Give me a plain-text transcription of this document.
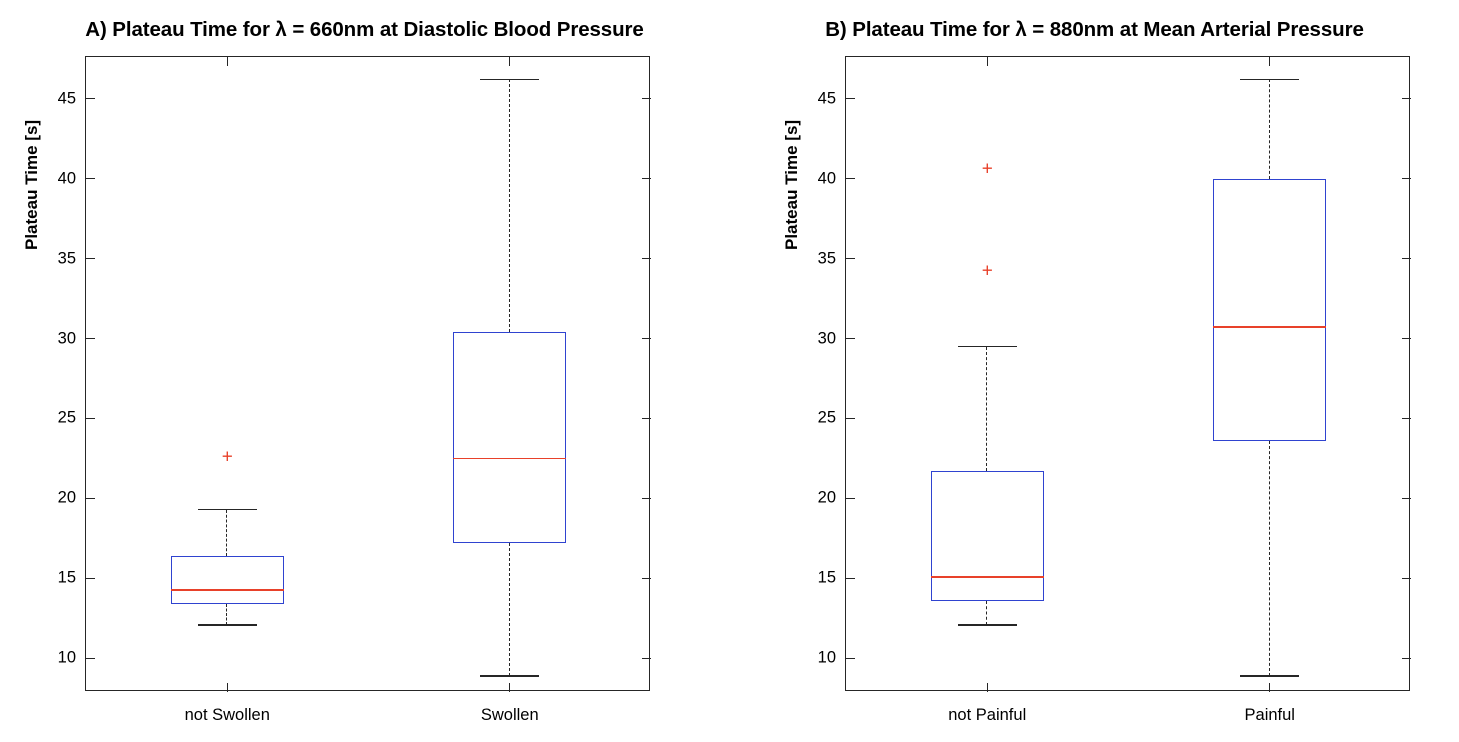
A) Plateau Time for λ = 660nm at Diastolic Blood Pressure
Plateau Time [s]
10
15
20
25
30
35
40
45
not Swollen	Swollen
+
B) Plateau Time for λ = 880nm at Mean Arterial Pressure
Plateau Time [s]
10
15
20
25
30
35
40
45
not Painful	Painful
+
+
